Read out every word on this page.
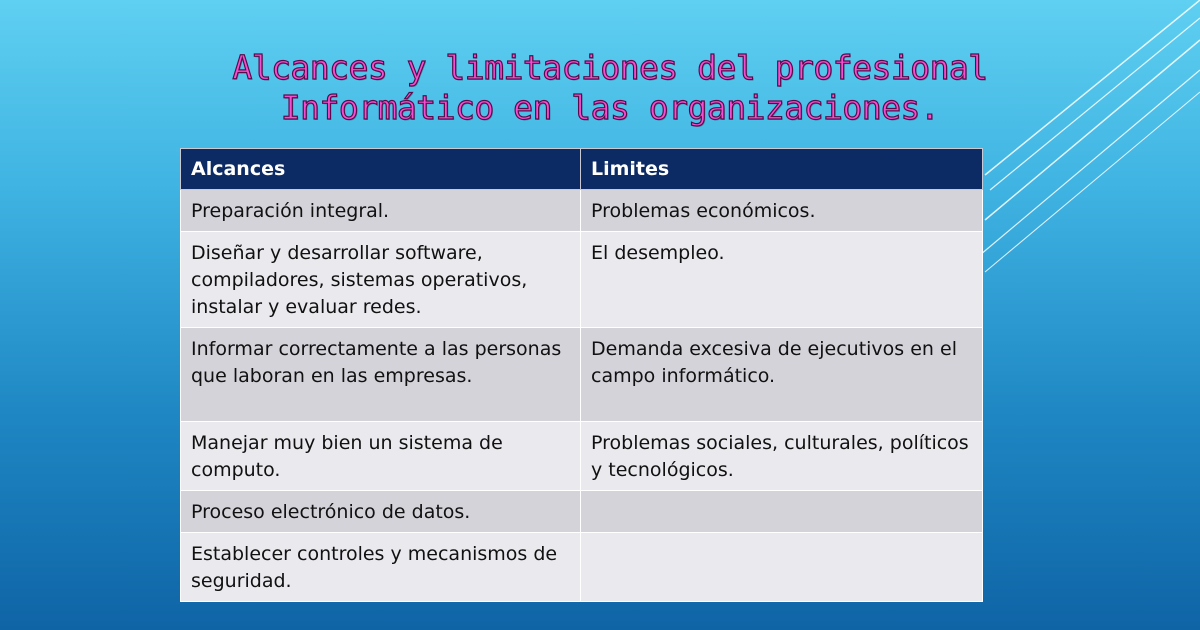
Alcances y limitaciones del profesional
Informático en las organizaciones.
Alcances	Limites
Preparación integral.	Problemas económicos.
Diseñar y desarrollar software, compiladores, sistemas operativos, instalar y evaluar redes.	El desempleo.
Informar correctamente a las personas que laboran en las empresas.	Demanda excesiva de ejecutivos en el campo informático.
Manejar muy bien un sistema de computo.	Problemas sociales, culturales, políticos y tecnológicos.
Proceso electrónico de datos.	
Establecer controles y mecanismos de seguridad.	
